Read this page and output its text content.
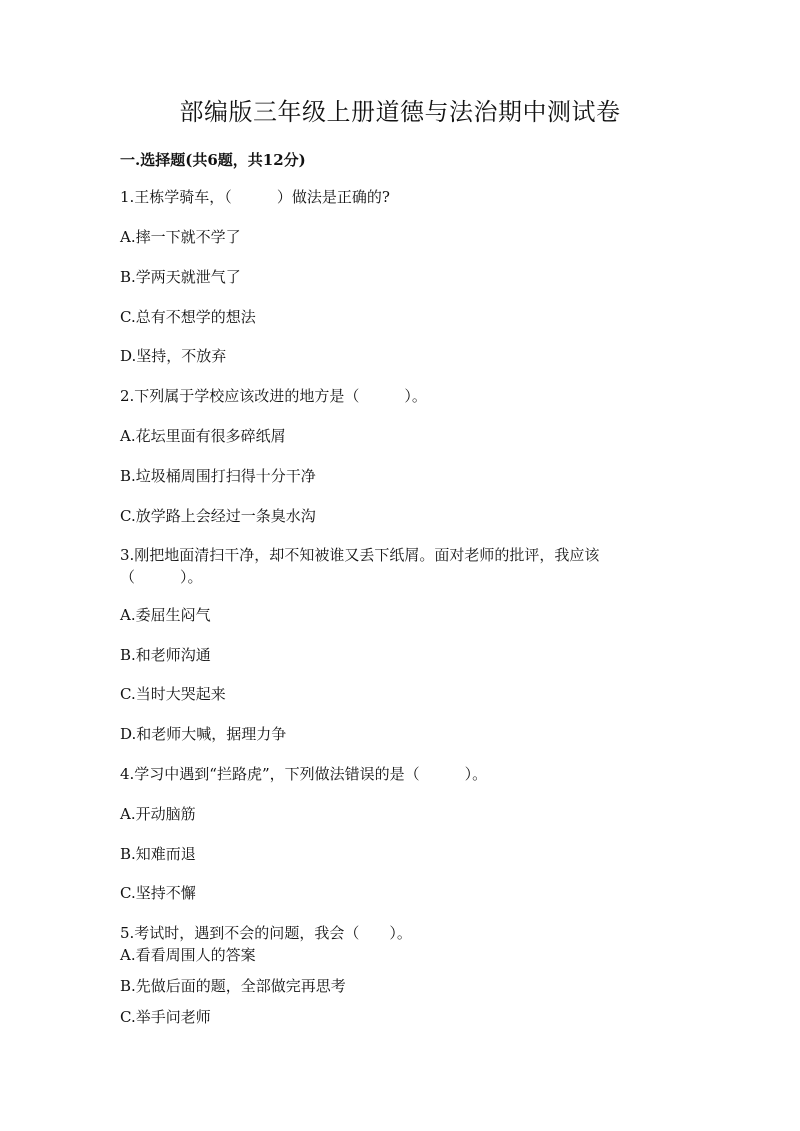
部编版三年级上册道德与法治期中测试卷
一.选择题(共6题，共12分)
1.王栋学骑车，（　　　）做法是正确的?
A.摔一下就不学了
B.学两天就泄气了
C.总有不想学的想法
D.坚持，不放弃
2.下列属于学校应该改进的地方是（　　　）。
A.花坛里面有很多碎纸屑
B.垃圾桶周围打扫得十分干净
C.放学路上会经过一条臭水沟
3.刚把地面清扫干净，却不知被谁又丢下纸屑。面对老师的批评，我应该（　　　）。
A.委屈生闷气
B.和老师沟通
C.当时大哭起来
D.和老师大喊，据理力争
4.学习中遇到“拦路虎”，下列做法错误的是（　　　）。
A.开动脑筋
B.知难而退
C.坚持不懈
5.考试时，遇到不会的问题，我会（　　）。
A.看看周围人的答案
B.先做后面的题，全部做完再思考
C.举手问老师
